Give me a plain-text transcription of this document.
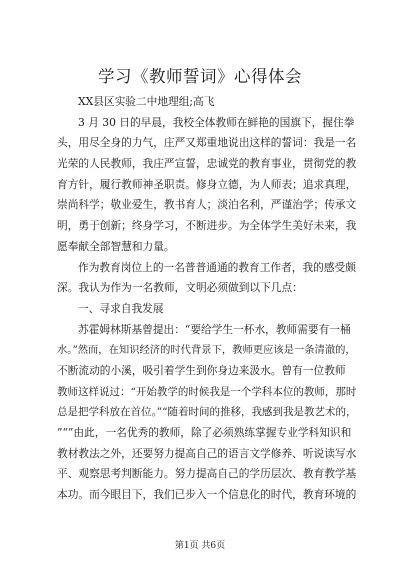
学习《教师誓词》心得体会
XX县区实验二中地理组;高飞
3 月 30 日的早晨，我校全体教师在鲜艳的国旗下，握住拳
头，用尽全身的力气，庄严又郑重地说出这样的誓词：我是一名
光荣的人民教师，我庄严宣誓，忠诚党的教育事业，贯彻党的教
育方针，履行教师神圣职责。修身立德，为人师表；追求真理，
崇尚科学；敬业爱生，教书育人；淡泊名利，严谨治学；传承文
明，勇于创新；终身学习，不断进步。为全体学生美好未来，我
愿奉献全部智慧和力量。
作为教育岗位上的一名普普通通的教育工作者，我的感受颇
深。我认为作为一名教师，文明必须做到以下几点：
一、寻求自我发展
苏霍姆林斯基曾提出：“要给学生一杯水，教师需要有一桶
水。”然而，在知识经济的时代背景下，教师更应该是一条清澈的，
不断流动的小溪，吸引着学生到你身边来汲水。曾有一位教师
教师这样说过：“开始教学的时候我是一个学科本位的教师，那时
总是把学科放在首位。”“随着时间的推移，我感到我是教艺术的，
”“”由此，一名优秀的教师，除了必须熟练掌握专业学科知识和
教材教法之外，还要努力提高自己的语言文学修养、听说读写水
平、观察思考判断能力。努力提高自己的学历层次、教育教学基
本功。而今眼目下，我们已步入一个信息化的时代，教育环境的
第1页 共6页
